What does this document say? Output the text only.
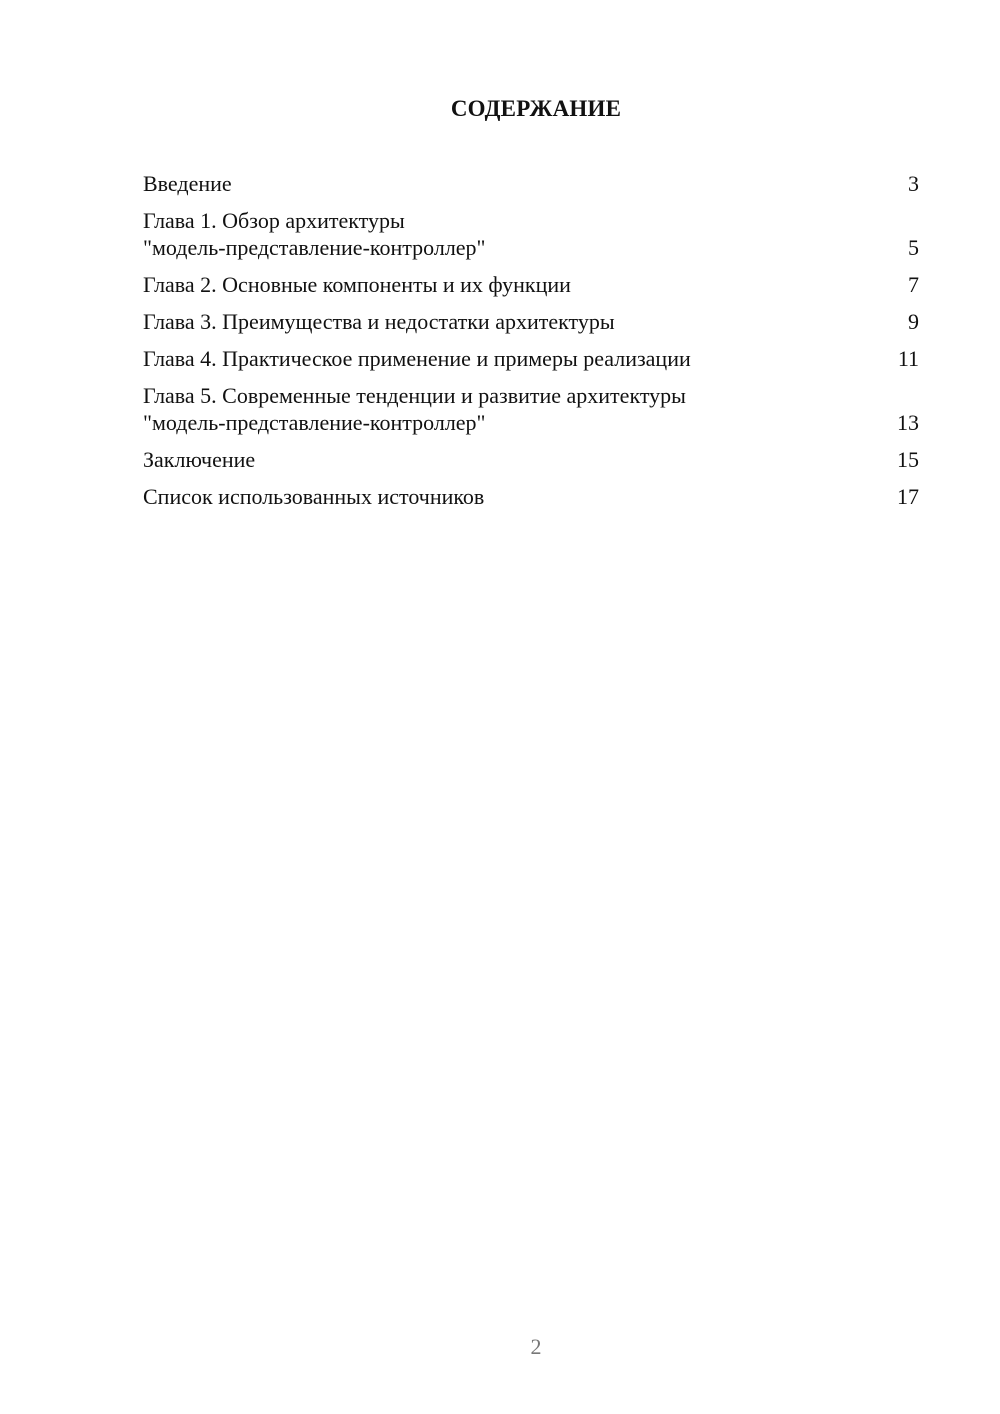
СОДЕРЖАНИЕ
Введение	3
Глава 1. Обзор архитектуры
"модель-представление-контроллер"	5
Глава 2. Основные компоненты и их функции	7
Глава 3. Преимущества и недостатки архитектуры	9
Глава 4. Практическое применение и примеры реализации	11
Глава 5. Современные тенденции и развитие архитектуры
"модель-представление-контроллер"	13
Заключение	15
Список использованных источников	17
2
